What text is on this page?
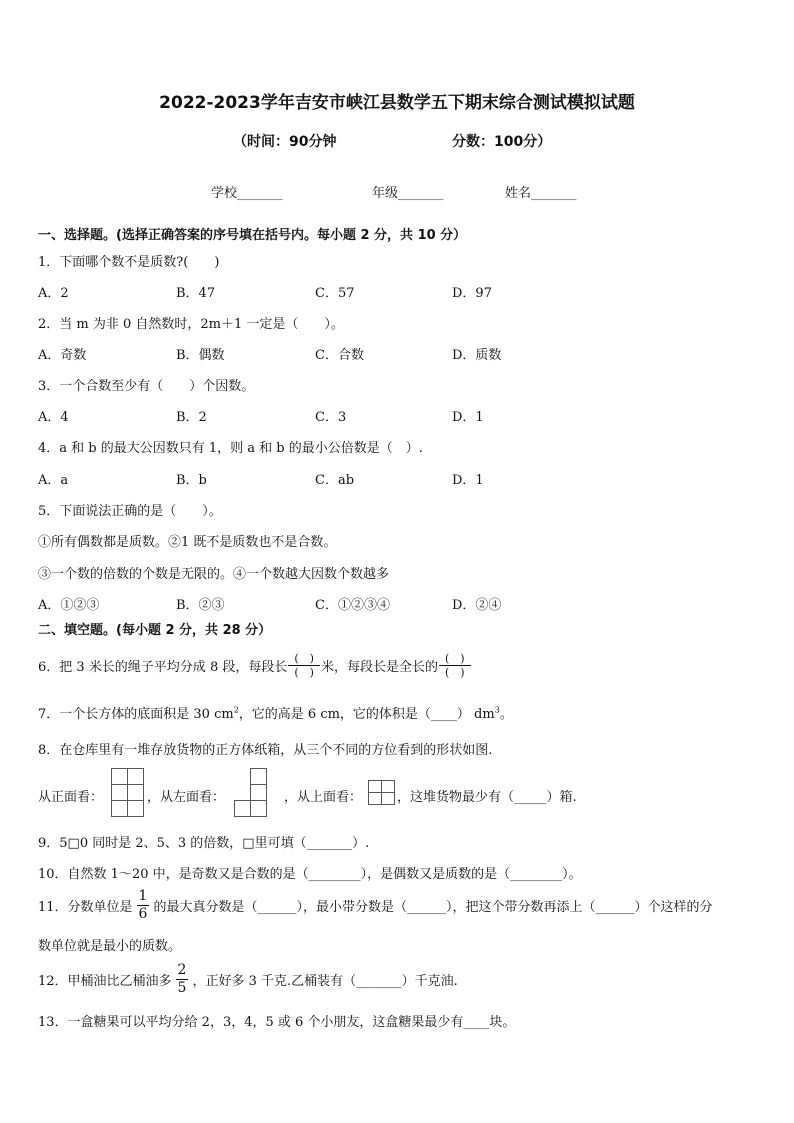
2022-2023学年吉安市峡江县数学五下期末综合测试模拟试题
（时间：90分钟	分数：100分）
学校_______	年级_______	姓名_______
一、选择题。(选择正确答案的序号填在括号内。每小题 2 分，共 10 分）
1．下面哪个数不是质数?(　　)
A．2	B．47	C．57	D．97
2．当 m 为非 0 自然数时，2m＋1 一定是（　　）。
A．奇数	B．偶数	C．合数	D．质数
3．一个合数至少有（　　）个因数。
A．4	B．2	C．3	D．1
4．a 和 b 的最大公因数只有 1，则 a 和 b 的最小公倍数是（　）.
A．a	B．b	C．ab	D．1
5．下面说法正确的是（　　）。
①所有偶数都是质数。②1 既不是质数也不是合数。
③一个数的倍数的个数是无限的。④一个数越大因数个数越多
A．①②③	B．②③	C．①②③④	D．②④
二、填空题。(每小题 2 分，共 28 分）
6．把 3 米长的绳子平均分成 8 段，每段长 $\frac{( )}{( )}$ 米，每段长是全长的 $\frac{( )}{( )}$
7．一个长方体的底面积是 30 $cm^2$，它的高是 6 cm，它的体积是（____） $dm^3$。
8．在仓库里有一堆存放货物的正方体纸箱，从三个不同的方位看到的形状如图.
从正面看：	，从左面看：	，从上面看：	，这堆货物最少有（_____）箱.
9．5□0 同时是 2、5、3 的倍数，□里可填（_______）.
10．自然数 1～20 中，是奇数又是合数的是（________），是偶数又是质数的是（________）。
11．分数单位是 $\frac{1}{6}$ 的最大真分数是（______），最小带分数是（______），把这个带分数再添上（______）个这样的分
数单位就是最小的质数。
12．甲桶油比乙桶油多 $\frac{2}{5}$ ，正好多 3 千克.乙桶装有（_______）千克油.
13．一盒糖果可以平均分给 2，3，4，5 或 6 个小朋友，这盒糖果最少有____块。
